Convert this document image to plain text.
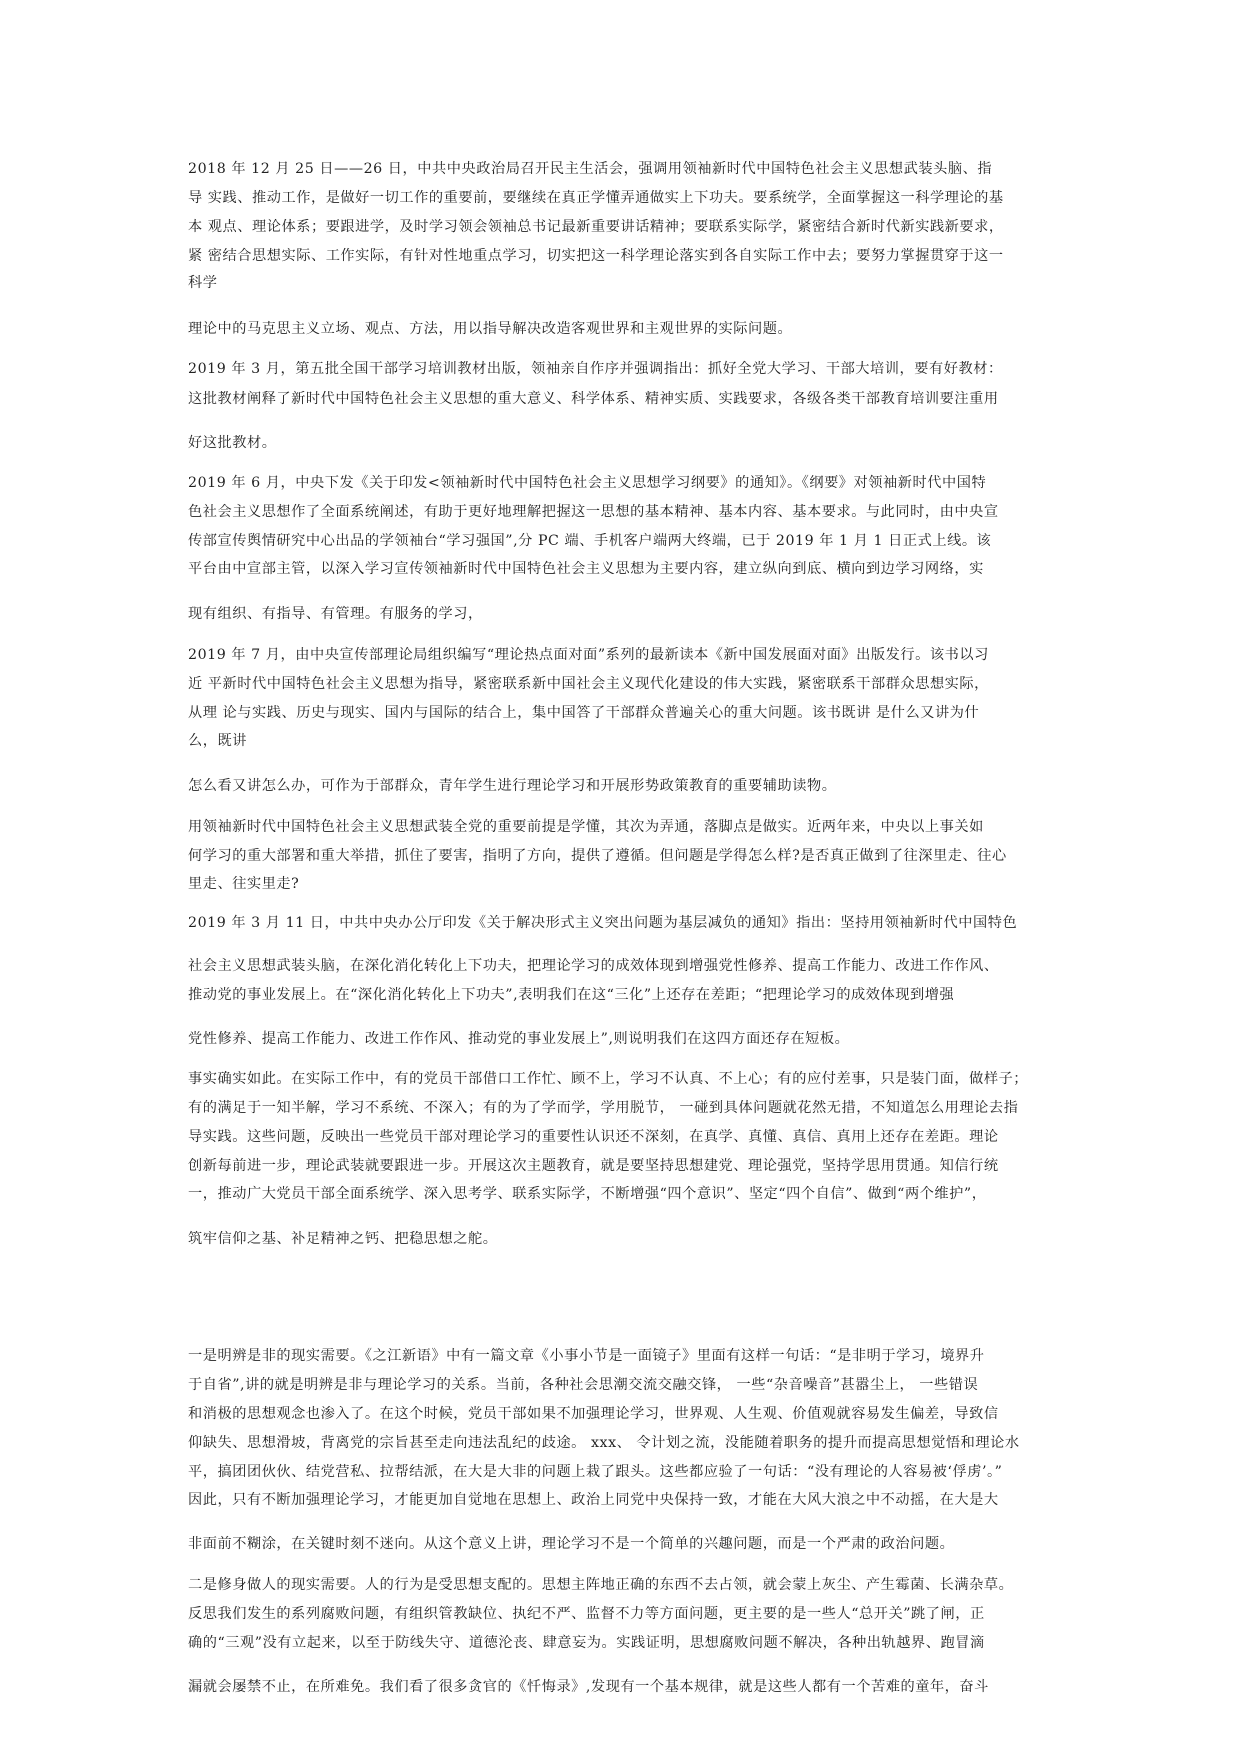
2018 年 12 月 25 日——26 日，中共中央政治局召开民主生活会，强调用领袖新时代中国特色社会主义思想武装头脑、指
导 实践、推动工作，是做好一切工作的重要前，要继续在真正学懂弄通做实上下功夫。要系统学，全面掌握这一科学理论的基
本 观点、理论体系；要跟进学，及时学习领会领袖总书记最新重要讲话精神；要联系实际学，紧密结合新时代新实践新要求，
紧 密结合思想实际、工作实际，有针对性地重点学习，切实把这一科学理论落实到各自实际工作中去；要努力掌握贯穿于这一
科学
理论中的马克思主义立场、观点、方法，用以指导解决改造客观世界和主观世界的实际问题。
2019 年 3 月，第五批全国干部学习培训教材出版，领袖亲自作序并强调指出：抓好全党大学习、干部大培训，要有好教材：
这批教材阐释了新时代中国特色社会主义思想的重大意义、科学体系、精神实质、实践要求，各级各类干部教育培训要注重用
好这批教材。
2019 年 6 月，中央下发《关于印发<领袖新时代中国特色社会主义思想学习纲要》的通知》。《纲要》对领袖新时代中国特
色社会主义思想作了全面系统阐述，有助于更好地理解把握这一思想的基本精神、基本内容、基本要求。与此同时，由中央宣
传部宣传舆情研究中心出品的学领袖台“学习强国”,分 PC 端、手机客户端两大终端，已于 2019 年 1 月 1 日正式上线。该
平台由中宣部主管，以深入学习宣传领袖新时代中国特色社会主义思想为主要内容，建立纵向到底、横向到边学习网络，实
现有组织、有指导、有管理。有服务的学习，
2019 年 7 月，由中央宣传部理论局组织编写“理论热点面对面”系列的最新读本《新中国发展面对面》出版发行。该书以习
近 平新时代中国特色社会主义思想为指导，紧密联系新中国社会主义现代化建设的伟大实践，紧密联系干部群众思想实际，
从理 论与实践、历史与现实、国内与国际的结合上，集中国答了干部群众普遍关心的重大问题。该书既讲 是什么又讲为什
么，既讲
怎么看又讲怎么办，可作为于部群众，青年学生进行理论学习和开展形势政策教育的重要辅助读物。
用领袖新时代中国特色社会主义思想武装全党的重要前提是学懂，其次为弄通，落脚点是做实。近两年来，中央以上事关如
何学习的重大部署和重大举措，抓住了要害，指明了方向，提供了遵循。但问题是学得怎么样?是否真正做到了往深里走、往心
里走、往实里走?
2019 年 3 月 11 日，中共中央办公厅印发《关于解决形式主义突出问题为基层减负的通知》指出：坚持用领袖新时代中国特色
社会主义思想武装头脑，在深化消化转化上下功夫，把理论学习的成效体现到增强党性修养、提高工作能力、改进工作作风、
推动党的事业发展上。在“深化消化转化上下功夫”,表明我们在这“三化”上还存在差距；“把理论学习的成效体现到增强
党性修养、提高工作能力、改进工作作风、推动党的事业发展上”,则说明我们在这四方面还存在短板。
事实确实如此。在实际工作中，有的党员干部借口工作忙、顾不上，学习不认真、不上心；有的应付差事，只是装门面，做样子；
有的满足于一知半解，学习不系统、不深入；有的为了学而学，学用脱节， 一碰到具体问题就花然无措，不知道怎么用理论去指
导实践。这些问题，反映出一些党员干部对理论学习的重要性认识还不深刻，在真学、真懂、真信、真用上还存在差距。理论
创新每前进一步，理论武装就要跟进一步。开展这次主题教育，就是要坚持思想建党、理论强党，坚持学思用贯通。知信行统
一，推动广大党员干部全面系统学、深入思考学、联系实际学，不断增强“四个意识”、坚定“四个自信”、做到“两个维护”，
筑牢信仰之基、补足精神之钙、把稳思想之舵。
一是明辨是非的现实需要。《之江新语》中有一篇文章《小事小节是一面镜子》里面有这样一句话：“是非明于学习，境界升
于自省”,讲的就是明辨是非与理论学习的关系。当前，各种社会思潮交流交融交锋， 一些“杂音噪音”甚嚣尘上， 一些错误
和消极的思想观念也渗入了。在这个时候，党员干部如果不加强理论学习，世界观、人生观、价值观就容易发生偏差，导致信
仰缺失、思想滑坡，背离党的宗旨甚至走向违法乱纪的歧途。 xxx、 令计划之流，没能随着职务的提升而提高思想觉悟和理论水
平，搞团团伙伙、结党营私、拉帮结派，在大是大非的问题上栽了跟头。这些都应验了一句话：“没有理论的人容易被‘俘虏’。”
因此，只有不断加强理论学习，才能更加自觉地在思想上、政治上同党中央保持一致，才能在大风大浪之中不动摇，在大是大
非面前不糊涂，在关键时刻不迷向。从这个意义上讲，理论学习不是一个简单的兴趣问题，而是一个严肃的政治问题。
二是修身做人的现实需要。人的行为是受思想支配的。思想主阵地正确的东西不去占领，就会蒙上灰尘、产生霉菌、长满杂草。
反思我们发生的系列腐败问题，有组织管教缺位、执纪不严、监督不力等方面问题，更主要的是一些人“总开关”跳了闸，正
确的“三观”没有立起来，以至于防线失守、道德沦丧、肆意妄为。实践证明，思想腐败问题不解决，各种出轨越界、跑冒滴
漏就会屡禁不止，在所难免。我们看了很多贪官的《忏悔录》,发现有一个基本规律，就是这些人都有一个苦难的童年，奋斗
